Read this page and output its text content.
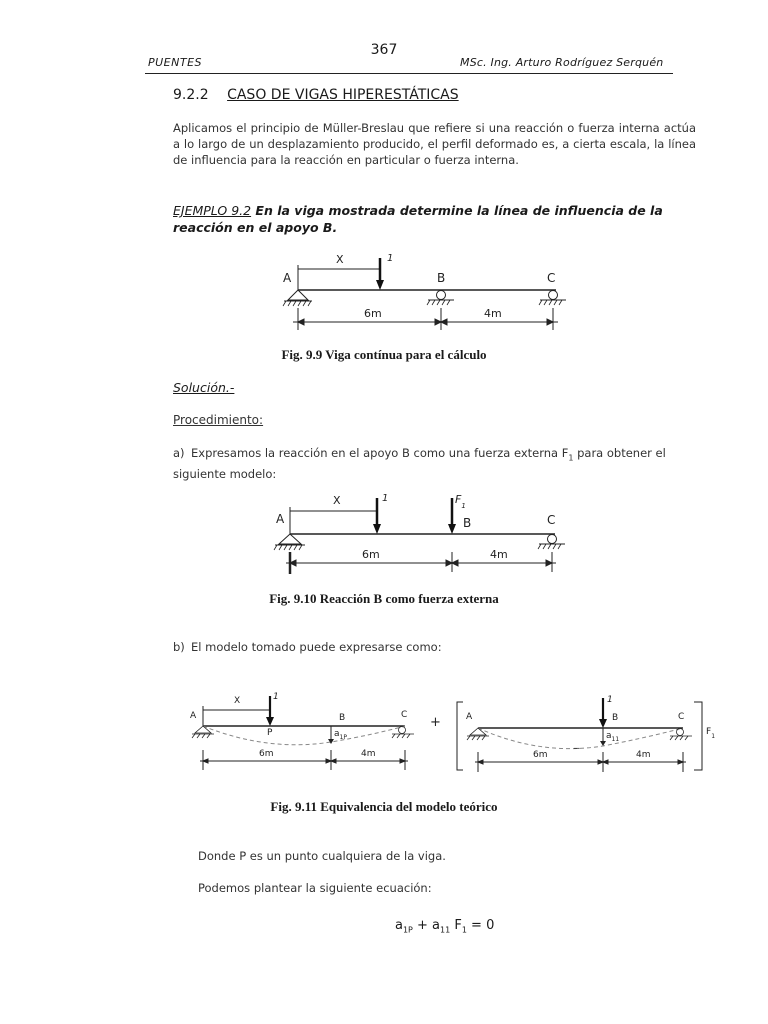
367
PUENTES	MSc. Ing. Arturo Rodríguez Serquén
9.2.2 CASO DE VIGAS HIPERESTÁTICAS
Aplicamos el principio de Müller-Breslau que refiere si una reacción o fuerza interna actúa a lo largo de un desplazamiento producido, el perfil deformado es, a cierta escala, la línea de influencia para la reacción en particular o fuerza interna.
EJEMPLO 9.2 En la viga mostrada determine la línea de influencia de la reacción en el apoyo B.
X	1
A	B	C
6m	4m
Fig. 9.9 Viga contínua para el cálculo
Solución.-
Procedimiento:
a) Expresamos la reacción en el apoyo B como una fuerza externa $F_1$ para obtener el siguiente modelo:
X	1	$F_1$
A	B	C
6m	4m
Fig. 9.10 Reacción B como fuerza externa
b) El modelo tomado puede expresarse como:
X	1
P
A	B	C
$a_{1P}$
6m	4m
+
1
A	B	C
$F_1$
_	$a_{11}$
6m	4m
Fig. 9.11 Equivalencia del modelo teórico
Donde P es un punto cualquiera de la viga.
Podemos plantear la siguiente ecuación:
$a_{1P} + a_{11}$ $F_1 = 0$
